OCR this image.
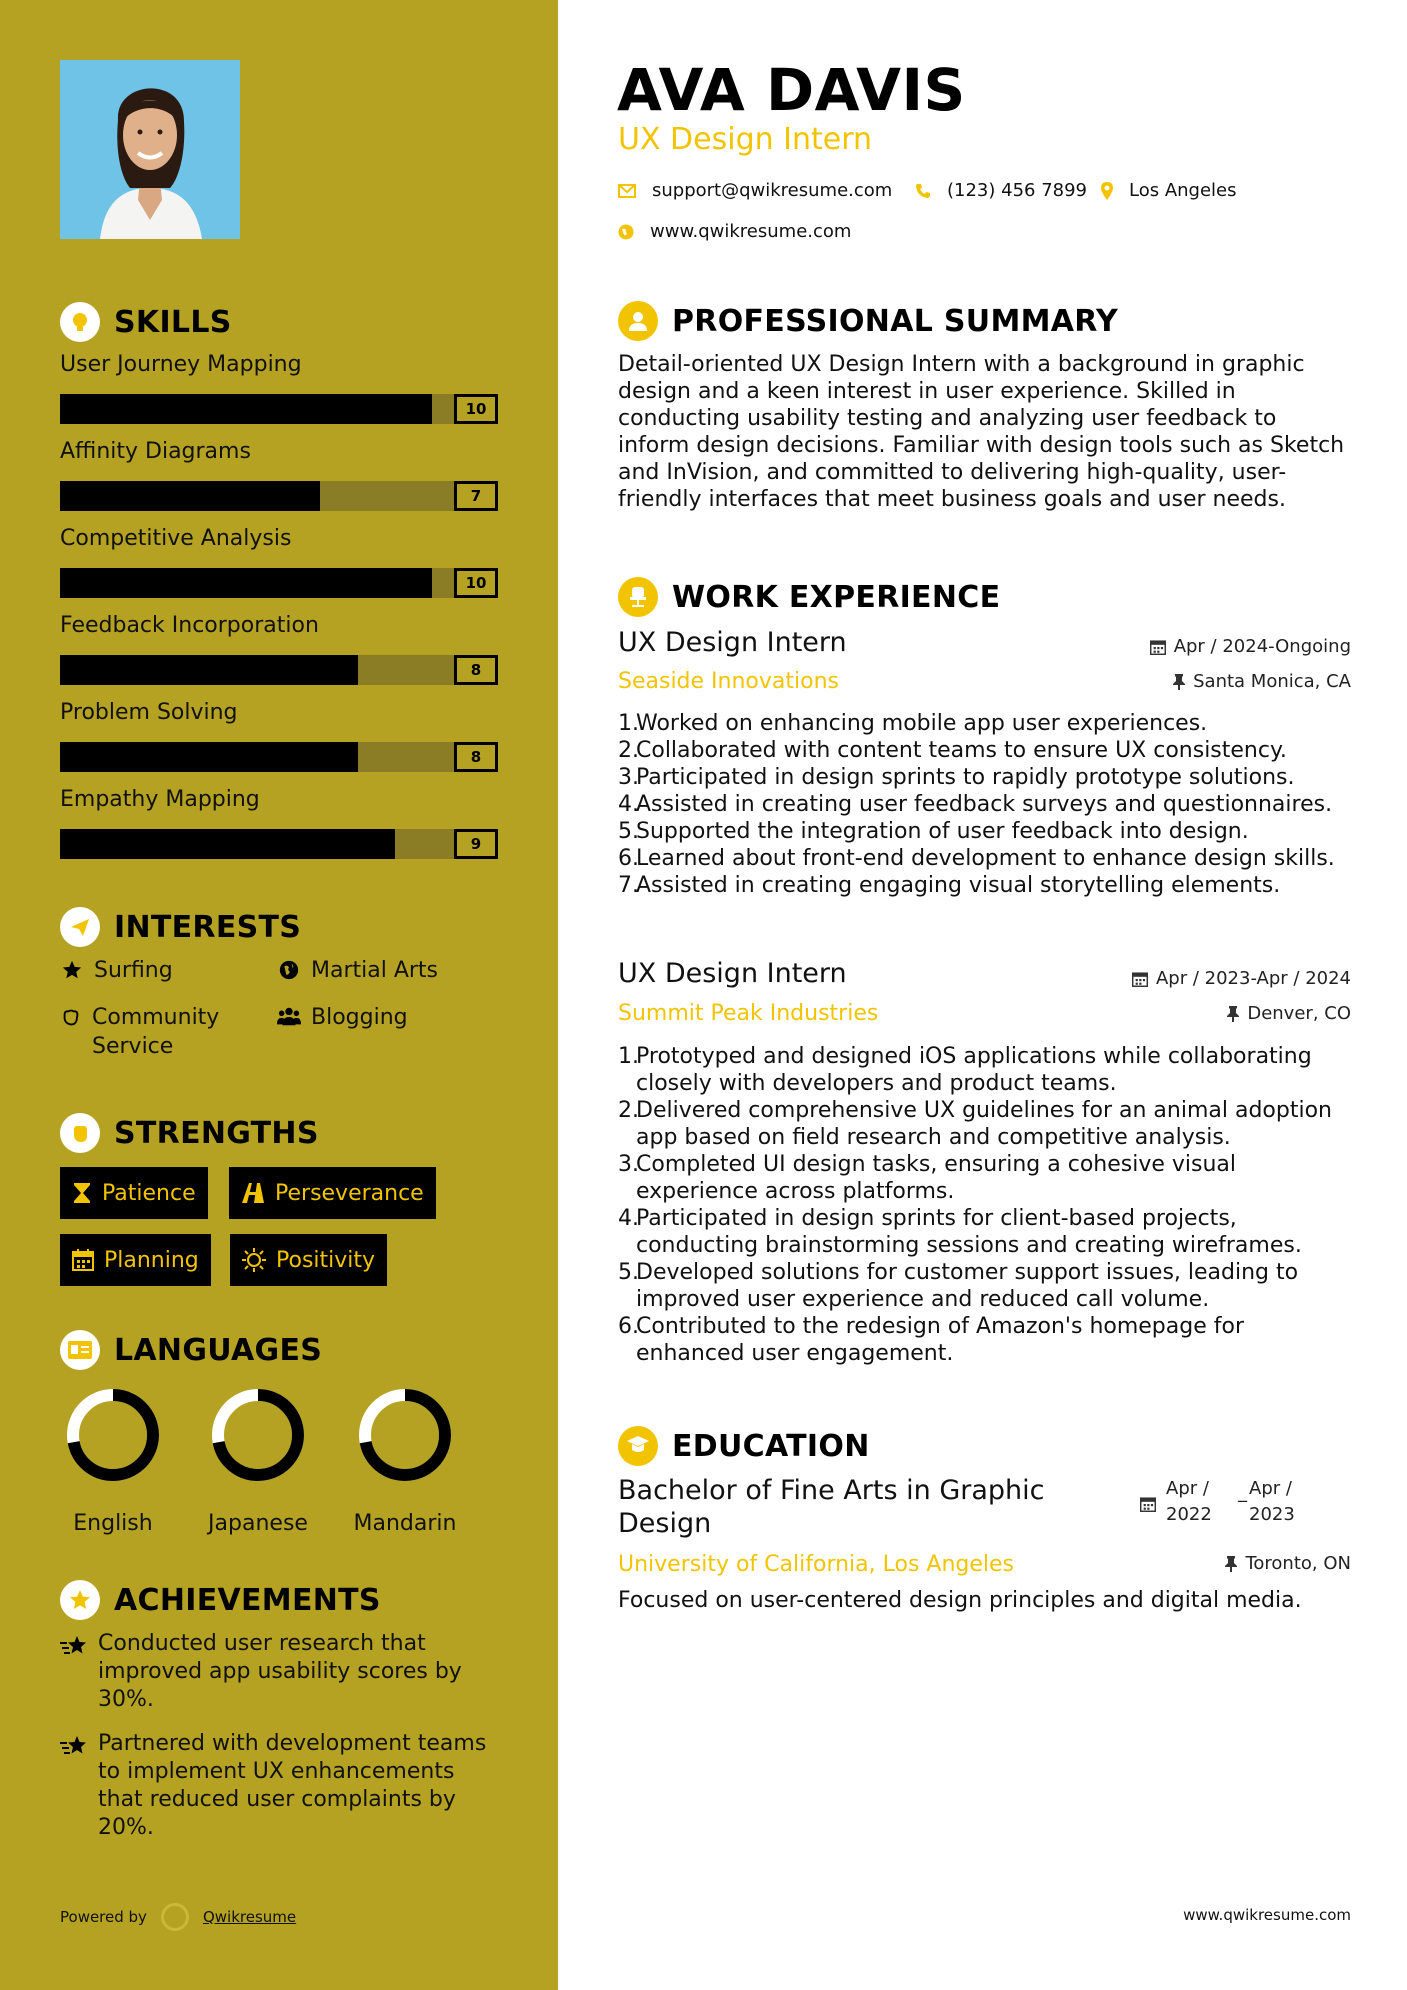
SKILLS
User Journey Mapping
10
Affinity Diagrams
7
Competitive Analysis
10
Feedback Incorporation
8
Problem Solving
8
Empathy Mapping
9
INTERESTS
Surfing	Martial Arts
Community Service
Blogging
STRENGTHS
Patience	Perseverance
Planning	Positivity
LANGUAGES
English	Japanese	Mandarin
ACHIEVEMENTS
Conducted user research that improved app usability scores by 30%.
Partnered with development teams to implement UX enhancements that reduced user complaints by 20%.
Powered by	Qwikresume
AVA DAVIS
UX Design Intern
support@qwikresume.com	(123) 456 7899 Los Angeles
www.qwikresume.com
PROFESSIONAL SUMMARY
Detail-oriented UX Design Intern with a background in graphic design and a keen interest in user experience. Skilled in conducting usability testing and analyzing user feedback to inform design decisions. Familiar with design tools such as Sketch and InVision, and committed to delivering high-quality, user-friendly interfaces that meet business goals and user needs.
WORK EXPERIENCE
UX Design Intern	Apr / 2024-Ongoing
Seaside Innovations	Santa Monica, CA
1.
Worked on enhancing mobile app user experiences.
2.
Collaborated with content teams to ensure UX consistency.
3.
Participated in design sprints to rapidly prototype solutions.
4.
Assisted in creating user feedback surveys and questionnaires.
5.
Supported the integration of user feedback into design.
6.
Learned about front-end development to enhance design skills.
7.
Assisted in creating engaging visual storytelling elements.
UX Design Intern	Apr / 2023-Apr / 2024
Summit Peak Industries	Denver, CO
1.
Prototyped and designed iOS applications while collaborating closely with developers and product teams.
2.
Delivered comprehensive UX guidelines for an animal adoption app based on field research and competitive analysis.
3.
Completed UI design tasks, ensuring a cohesive visual experience across platforms.
4.
Participated in design sprints for client-based projects, conducting brainstorming sessions and creating wireframes.
5.
Developed solutions for customer support issues, leading to improved user experience and reduced call volume.
6.
Contributed to the redesign of Amazon's homepage for enhanced user engagement.
EDUCATION
Bachelor of Fine Arts in Graphic Design
Apr / 2022
_ Apr / 2023
University of California, Los Angeles	Toronto, ON
Focused on user-centered design principles and digital media.
www.qwikresume.com
